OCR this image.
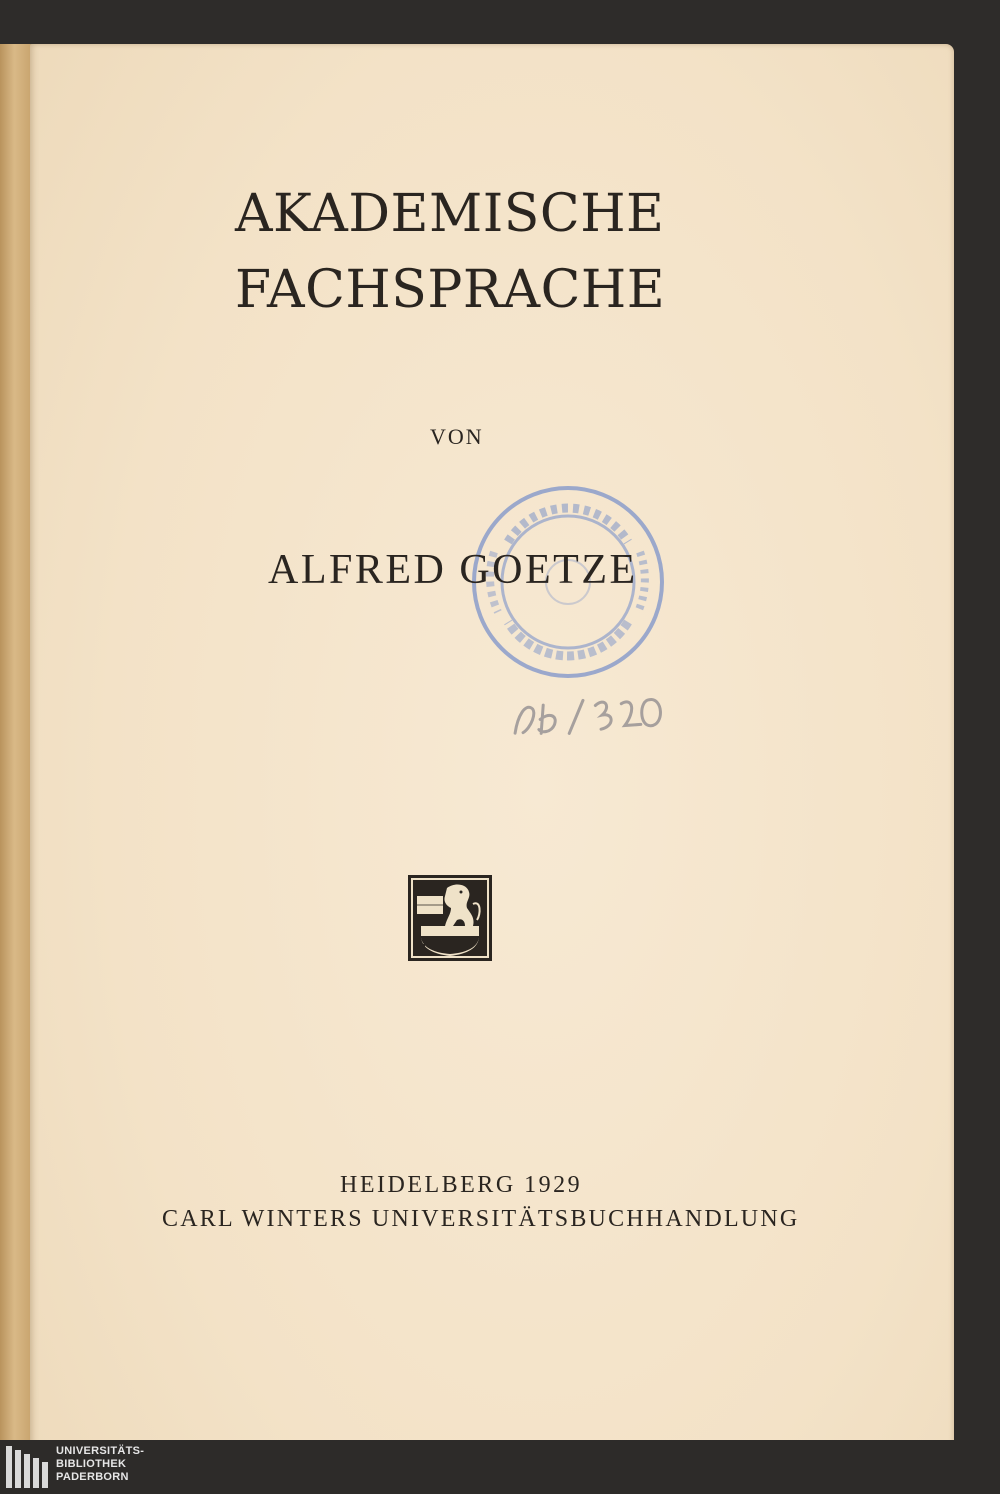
AKADEMISCHE
FACHSPRACHE
VON

ALFRED GOETZE
HEIDELBERG 1929
CARL WINTERS UNIVERSITÄTSBUCHHANDLUNG
UNIVERSITÄTS-
BIBLIOTHEK
PADERBORN
